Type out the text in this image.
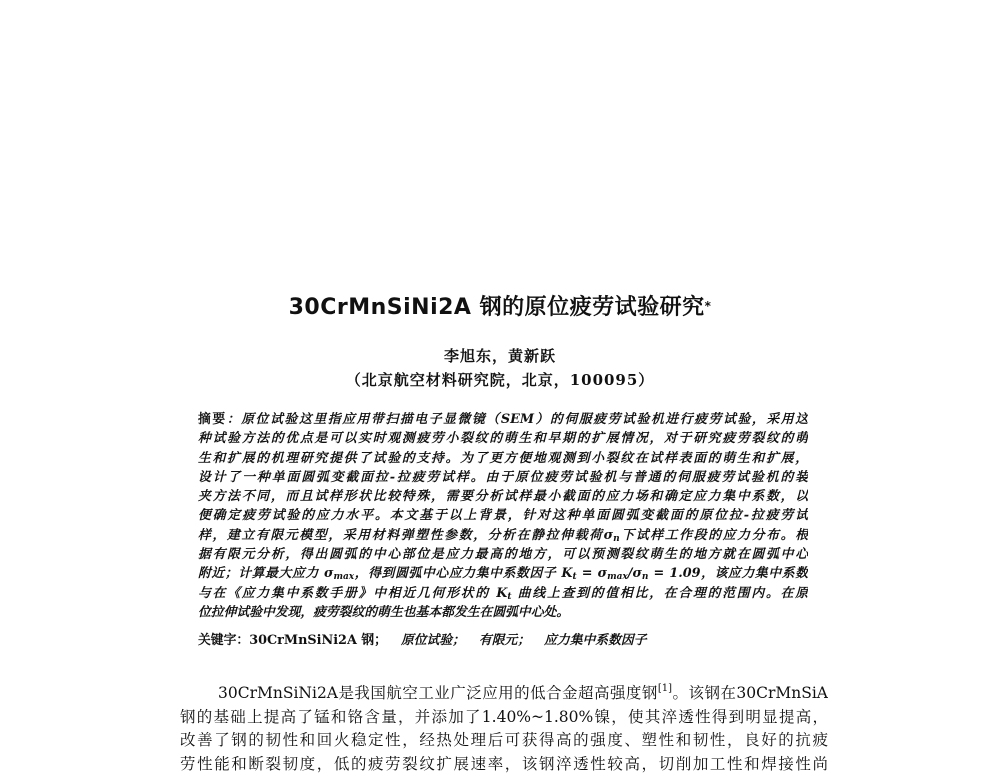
30CrMnSiNi2A 钢的原位疲劳试验研究*
李旭东，黄新跃
（北京航空材料研究院，北京，100095）
摘要：原位试验这里指应用带扫描电子显微镜（SEM）的伺服疲劳试验机进行疲劳试验，采用这
种试验方法的优点是可以实时观测疲劳小裂纹的萌生和早期的扩展情况，对于研究疲劳裂纹的萌
生和扩展的机理研究提供了试验的支持。为了更方便地观测到小裂纹在试样表面的萌生和扩展，
设计了一种单面圆弧变截面拉-拉疲劳试样。由于原位疲劳试验机与普通的伺服疲劳试验机的装
夹方法不同，而且试样形状比较特殊，需要分析试样最小截面的应力场和确定应力集中系数，以
便确定疲劳试验的应力水平。本文基于以上背景，针对这种单面圆弧变截面的原位拉-拉疲劳试
样，建立有限元模型，采用材料弹塑性参数，分析在静拉伸载荷$\sigma_n$下试样工作段的应力分布。根
据有限元分析，得出圆弧的中心部位是应力最高的地方，可以预测裂纹萌生的地方就在圆弧中心
附近；计算最大应力 $\sigma_{max}$，得到圆弧中心应力集中系数因子 $K_t = \sigma_{max}/\sigma_n = 1.09$，该应力集中系数
与在《应力集中系数手册》中相近几何形状的 $K_t$ 曲线上查到的值相比，在合理的范围内。在原
位拉伸试验中发现，疲劳裂纹的萌生也基本都发生在圆弧中心处。
关键字：30CrMnSiNi2A 钢； 原位试验； 有限元； 应力集中系数因子
30CrMnSiNi2A是我国航空工业广泛应用的低合金超高强度钢[1]。该钢在30CrMnSiA
钢的基础上提高了锰和铬含量，并添加了1.40%~1.80%镍，使其淬透性得到明显提高，
改善了钢的韧性和回火稳定性，经热处理后可获得高的强度、塑性和韧性，良好的抗疲
劳性能和断裂韧度，低的疲劳裂纹扩展速率，该钢淬透性较高，切削加工性和焊接性尚
